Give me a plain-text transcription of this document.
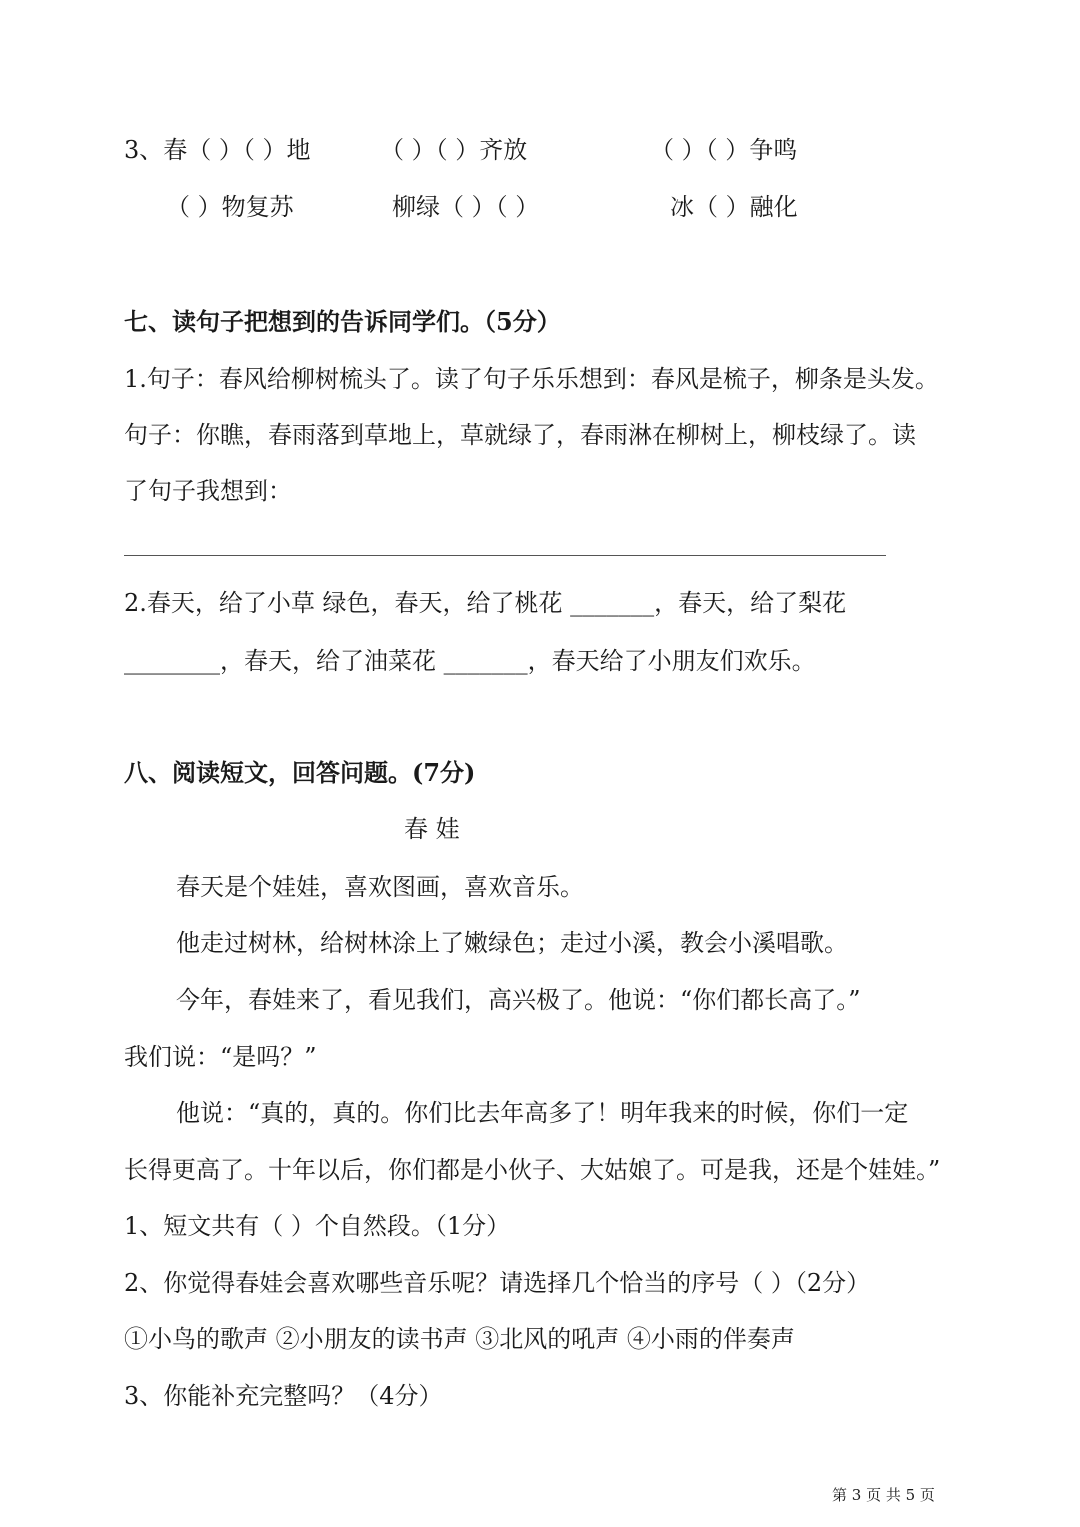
3、春（ ）（ ）地	（ ）（ ）齐放	（ ）（ ）争鸣
（ ）物复苏	柳绿（ ）（ ）	冰（ ）融化
七、读句子把想到的告诉同学们。（5分）
1.句子：春风给柳树梳头了。读了句子乐乐想到：春风是梳子，柳条是头发。
句子：你瞧，春雨落到草地上，草就绿了，春雨淋在柳树上，柳枝绿了。读
了句子我想到：
2.春天，给了小草 绿色，春天，给了桃花 _______，春天，给了梨花
________，春天，给了油菜花 _______，春天给了小朋友们欢乐。
八、阅读短文，回答问题。(7分)
春 娃
春天是个娃娃，喜欢图画，喜欢音乐。
他走过树林，给树林涂上了嫩绿色；走过小溪，教会小溪唱歌。
今年，春娃来了，看见我们，高兴极了。他说：“你们都长高了。”
我们说：“是吗？”
他说：“真的，真的。你们比去年高多了！明年我来的时候，你们一定
长得更高了。十年以后，你们都是小伙子、大姑娘了。可是我，还是个娃娃。”
1、短文共有（ ）个自然段。（1分）
2、你觉得春娃会喜欢哪些音乐呢？请选择几个恰当的序号（ ）（2分）
①小鸟的歌声 ②小朋友的读书声 ③北风的吼声 ④小雨的伴奏声
3、你能补充完整吗？（4分）
第 3 页 共 5 页
